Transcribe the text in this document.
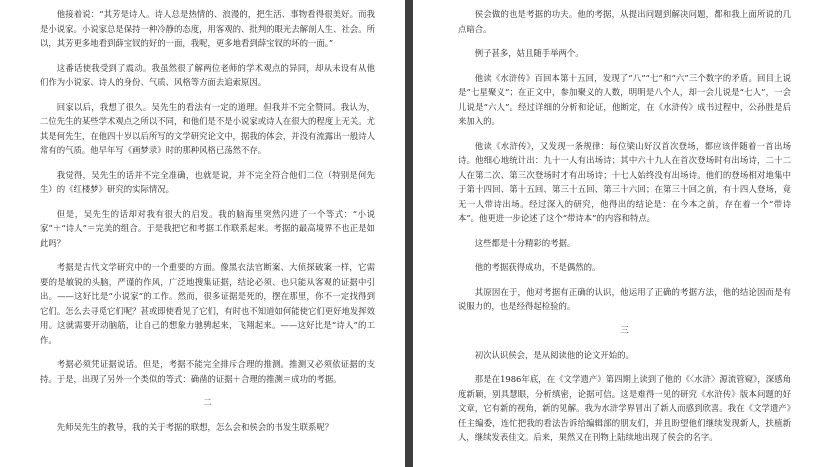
他接着说：“其芳是诗人。诗人总是热情的、浪漫的，把生活、事物看得很美好。而我是小说家。小说家总是保持一种冷静的态度，用客观的、批判的眼光去解剖人生、社会。所以，其芳更多地看到薛宝钗的好的一面，我呢，更多地看到薛宝钗的坏的一面。”

这番话使我受到了震动。我虽然很了解两位老师的学术观点的异同，却从未设有从他们作为小说家、诗人的身份、气质、风格等方面去追索原因。

回家以后，我想了很久。吴先生的看法有一定的道理。但我并不完全赞同。我认为，二位先生的某些学术观点之所以不同，和他们是不是小说家或诗人在很大的程度上无关。尤其是何先生，在他四十岁以后所写的文学研究论文中，据我的体会，并没有流露出一般诗人常有的气质。他早年写《画梦录》时的那种风格已荡然不存。

我觉得，吴先生的话并不完全准确，也就是说，并不完全符合他们二位（特别是何先生）的《红楼梦》研究的实际情况。

但是，吴先生的话却对我有很大的启发。我的脑海里突然闪进了一个等式：“小说家”＋“诗人”＝完美的组合。于是我把它和考据工作联系起来。考据的最高境界不也正是如此吗？

考据是古代文学研究中的一个重要的方面。像黑衣法官断案、大侦探破案一样，它需要的是敏锐的头脑，严谨的作风，广泛地搜集证据，结论必须、也只能从客观的证据中引出。——这好比是“小说家”的工作。然而，很多证据是死的，摆在那里，你不一定找得到它们。怎么去寻觅它们呢？甚或即使看见了它们，有时也不知道如何能使它们更好地发挥效用。这就需要开动脑筋，让自己的想象力驰骋起来，飞翔起来。——这好比是“诗人”的工作。

考据必须凭证据说话。但是，考据不能完全排斥合理的推测。推测又必须依证据的支持。于是，出现了另外一个类似的等式：确凿的证据＋合理的推测＝成功的考据。

二

先师吴先生的教导，我的关于考据的联想，怎么会和侯会的书发生联系呢？

侯会做的也是考据的功夫。他的考据，从提出问题到解决问题，都和我上面所说的几点暗合。

例子甚多，姑且随手举两个。

他读《水浒传》百回本第十五回，发现了“八”“七”和“六”三个数字的矛盾。回目上说是“七星聚义”；在正文中，参加聚义的人数，明明是八个人，却一会儿说是“七人”，一会儿说是“六人”。经过详细的分析和论证，他断定，在《水浒传》成书过程中，公孙胜是后来加入的。

他读《水浒传》，又发现一条规律：每位梁山好汉首次登场，都应该伴随着一首出场诗。他细心地统计出：九十一人有出场诗；其中六十九人在首次登场时有出场诗，二十二人在第二次、第三次登场时才有出场诗；十七人始终没有出场诗。他们的登场相对地集中于第十四回、第十五回、第三十五回、第三十六回；在第三十回之前，有十四人登场，竟无一人带诗出场。经过深入的研究，他得出的结论是：在今本之前，存在着一个“带诗本”。他更进一步论述了这个“带诗本”的内容和特点。

这些都是十分精彩的考据。

他的考据获得成功，不是偶然的。

其原因在于，他对考据有正确的认识，他运用了正确的考据方法，他的结论因而是有说服力的，也是经得起检验的。

三

初次认识侯会，是从阅读他的论文开始的。

那是在1986年底，在《文学遗产》第四期上读到了他的《〈水浒〉源流管窥》，深感角度新颖，别具慧眼，分析缜密，论据可信。这是难得一见的研究《水浒传》版本问题的好文章，它有新的视角，新的见解。我为水浒学界冒出了新人而感到欣喜。我在《文学遗产》任主编委，连忙把我的看法告诉给编辑部的朋友们，并且盼望他们继续发现新人，扶植新人，继续发表佳文。后来，果然又在刊物上陆续地出现了侯会的名字。
